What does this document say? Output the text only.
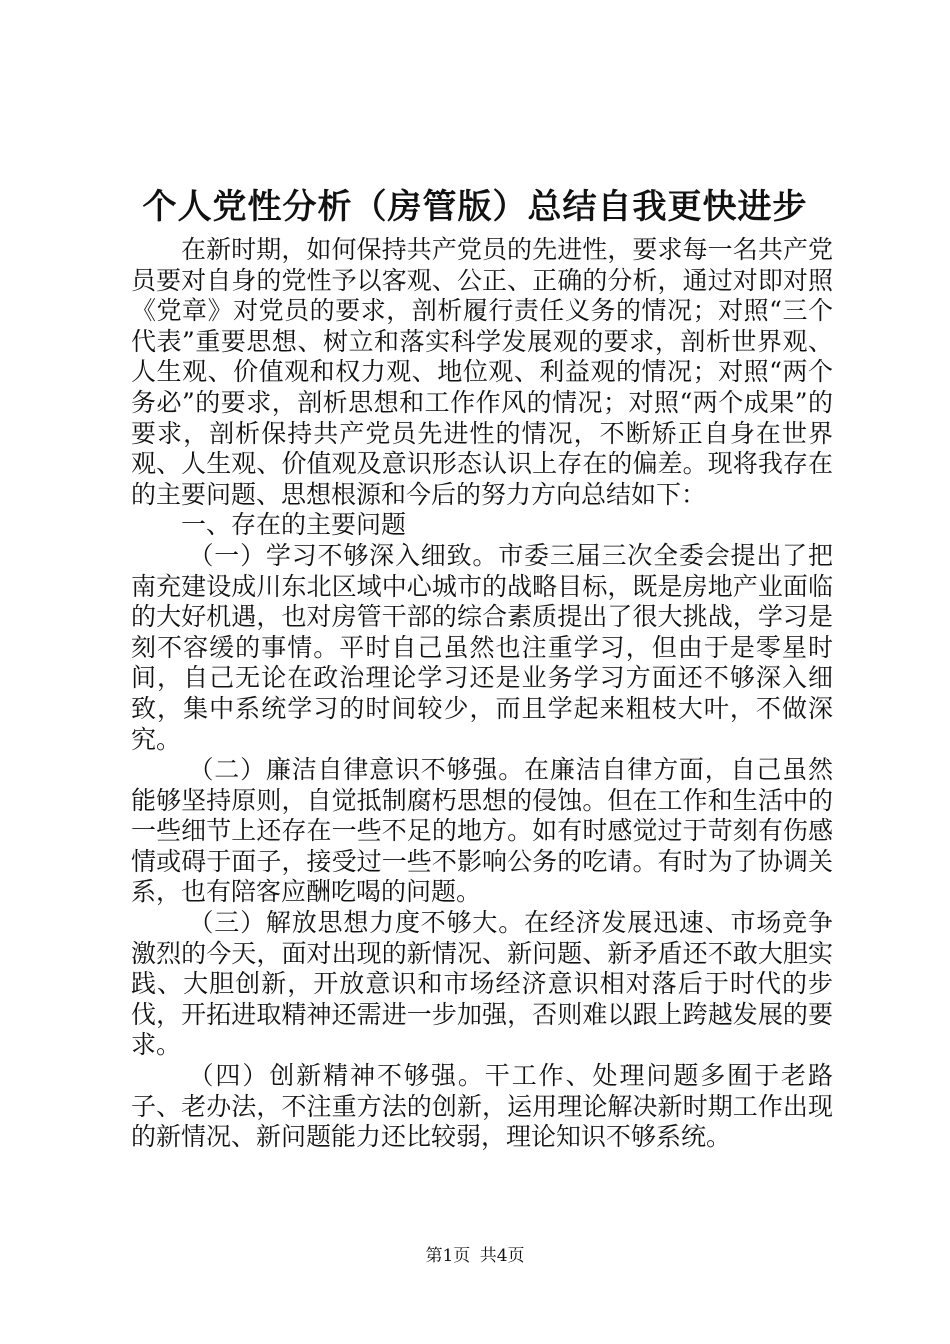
个人党性分析（房管版）总结自我更快进步

在新时期，如何保持共产党员的先进性，要求每一名共产党员要对自身的党性予以客观、公正、正确的分析，通过对即对照《党章》对党员的要求，剖析履行责任义务的情况；对照“三个代表”重要思想、树立和落实科学发展观的要求，剖析世界观、人生观、价值观和权力观、地位观、利益观的情况；对照“两个务必”的要求，剖析思想和工作作风的情况；对照“两个成果”的要求，剖析保持共产党员先进性的情况，不断矫正自身在世界观、人生观、价值观及意识形态认识上存在的偏差。现将我存在的主要问题、思想根源和今后的努力方向总结如下：

一、存在的主要问题

（一）学习不够深入细致。市委三届三次全委会提出了把南充建设成川东北区域中心城市的战略目标，既是房地产业面临的大好机遇，也对房管干部的综合素质提出了很大挑战，学习是刻不容缓的事情。平时自己虽然也注重学习，但由于是零星时间，自己无论在政治理论学习还是业务学习方面还不够深入细致，集中系统学习的时间较少，而且学起来粗枝大叶，不做深究。

（二）廉洁自律意识不够强。在廉洁自律方面，自己虽然能够坚持原则，自觉抵制腐朽思想的侵蚀。但在工作和生活中的一些细节上还存在一些不足的地方。如有时感觉过于苛刻有伤感情或碍于面子，接受过一些不影响公务的吃请。有时为了协调关系，也有陪客应酬吃喝的问题。

（三）解放思想力度不够大。在经济发展迅速、市场竞争激烈的今天，面对出现的新情况、新问题、新矛盾还不敢大胆实践、大胆创新，开放意识和市场经济意识相对落后于时代的步伐，开拓进取精神还需进一步加强，否则难以跟上跨越发展的要求。

（四）创新精神不够强。干工作、处理问题多囿于老路子、老办法，不注重方法的创新，运用理论解决新时期工作出现的新情况、新问题能力还比较弱，理论知识不够系统。

第1页 共4页
